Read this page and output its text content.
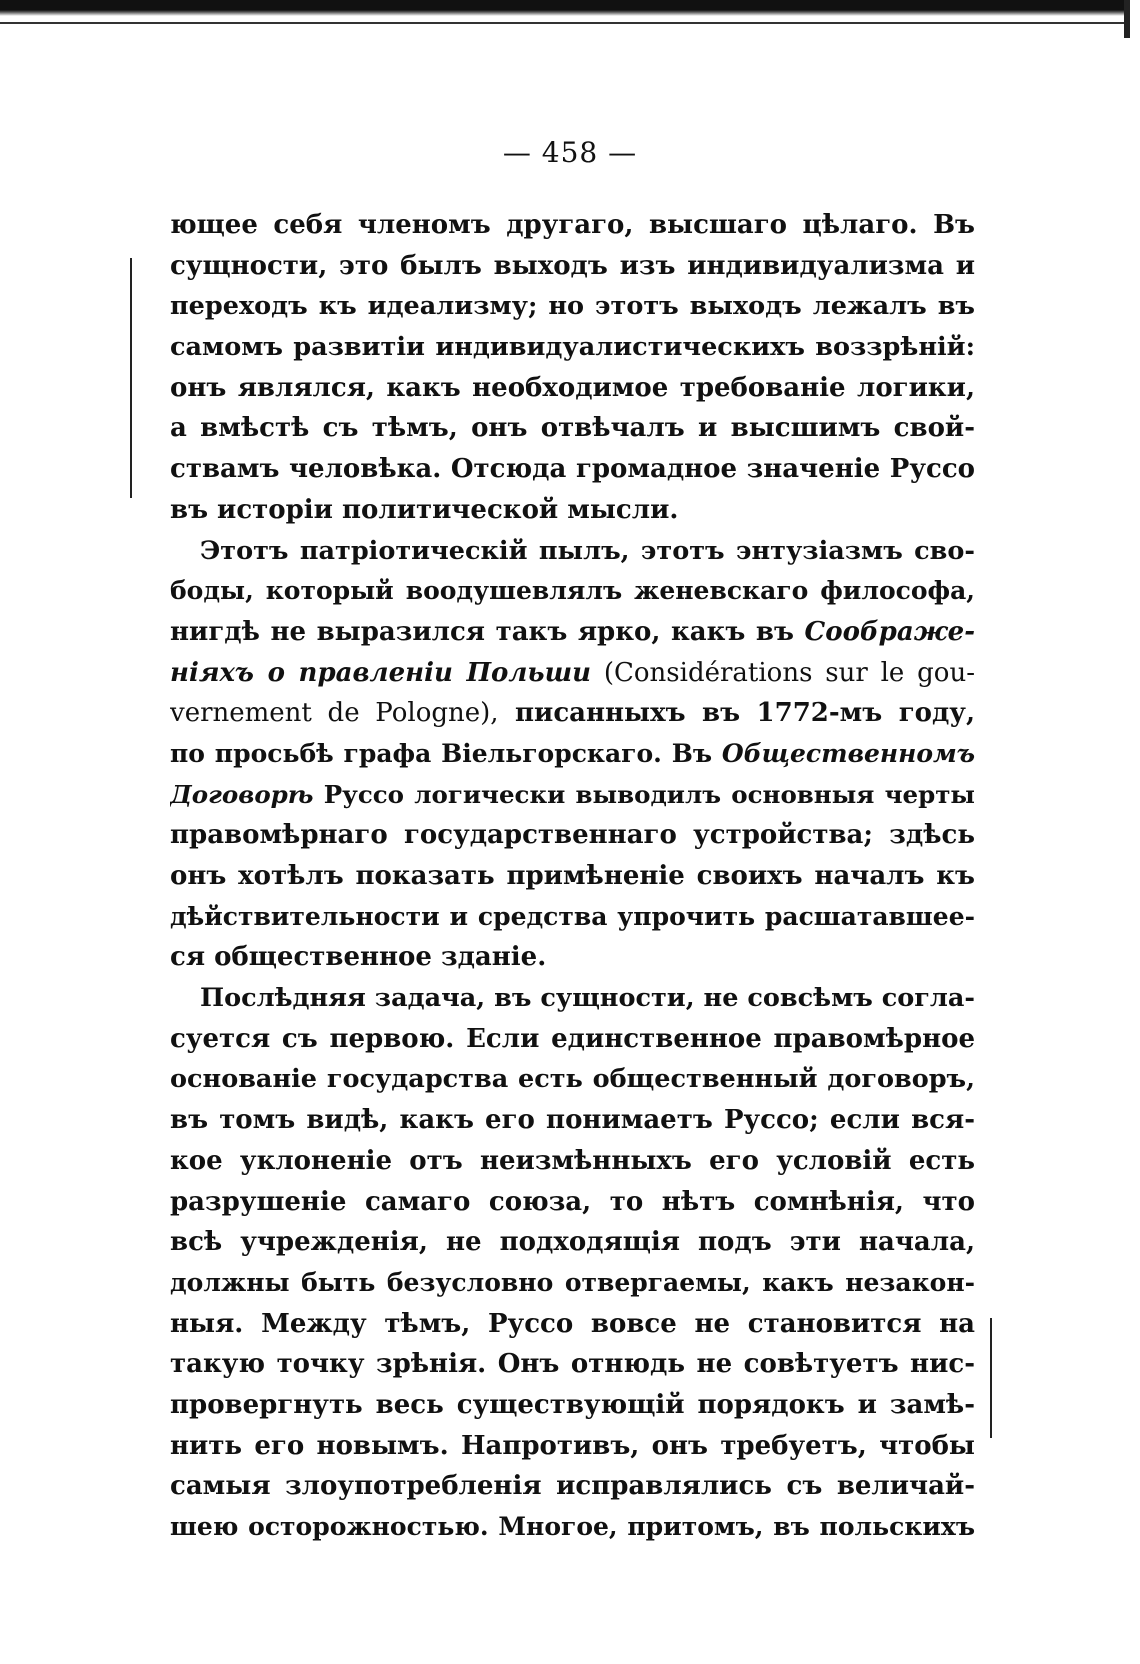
— 458 —
ющее себя членомъ другаго, высшаго цѣлаго. Въ
сущности, это былъ выходъ изъ индивидуализма и
переходъ къ идеализму; но этотъ выходъ лежалъ въ
самомъ развитіи индивидуалистическихъ воззрѣній:
онъ являлся, какъ необходимое требованіе логики,
а вмѣстѣ съ тѣмъ, онъ отвѣчалъ и высшимъ свой-
ствамъ человѣка. Отсюда громадное значеніе Руссо
въ исторіи политической мысли.
Этотъ патріотическій пылъ, этотъ энтузіазмъ сво-
боды, который воодушевлялъ женевскаго философа,
нигдѣ не выразился такъ ярко, какъ въ Соображе-
ніяхъ о правленіи Польши (Considérations sur le gou-
vernement de Pologne), писанныхъ въ 1772-мъ году,
по просьбѣ графа Віельгорскаго. Въ Общественномъ
Договорѣ Руссо логически выводилъ основныя черты
правомѣрнаго государственнаго устройства; здѣсь
онъ хотѣлъ показать примѣненіе своихъ началъ къ
дѣйствительности и средства упрочить расшатавшее-
ся общественное зданіе.
Послѣдняя задача, въ сущности, не совсѣмъ согла-
суется съ первою. Если единственное правомѣрное
основаніе государства есть общественный договоръ,
въ томъ видѣ, какъ его понимаетъ Руссо; если вся-
кое уклоненіе отъ неизмѣнныхъ его условій есть
разрушеніе самаго союза, то нѣтъ сомнѣнія, что
всѣ учрежденія, не подходящія подъ эти начала,
должны быть безусловно отвергаемы, какъ незакон-
ныя. Между тѣмъ, Руссо вовсе не становится на
такую точку зрѣнія. Онъ отнюдь не совѣтуетъ нис-
провергнуть весь существующій порядокъ и замѣ-
нить его новымъ. Напротивъ, онъ требуетъ, чтобы
самыя злоупотребленія исправлялись съ величай-
шею осторожностью. Многое, притомъ, въ польскихъ
